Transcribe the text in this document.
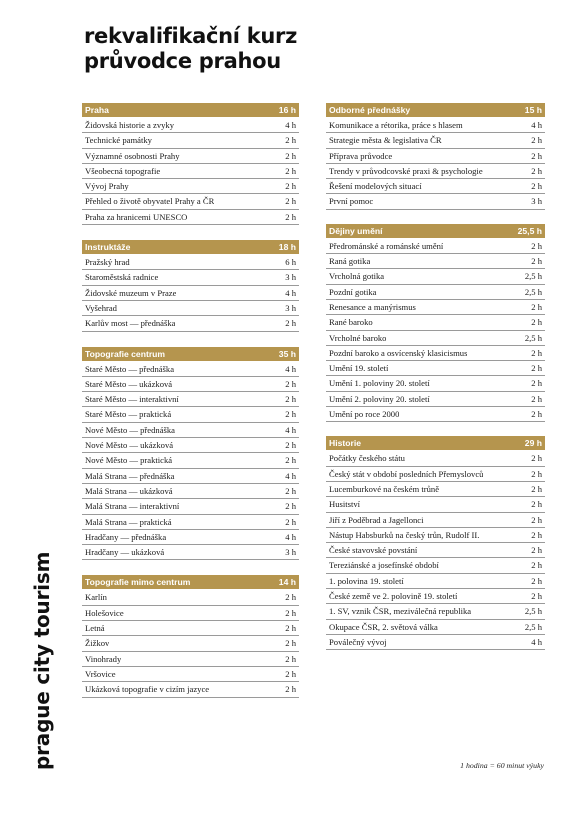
rekvalifikační kurz
průvodce prahou
Praha	16 h
Židovská historie a zvyky	4 h
Technické památky	2 h
Významné osobnosti Prahy	2 h
Všeobecná topografie	2 h
Vývoj Prahy	2 h
Přehled o životě obyvatel Prahy a ČR	2 h
Praha za hranicemi UNESCO	2 h
Instruktáže	18 h
Pražský hrad	6 h
Staroměstská radnice	3 h
Židovské muzeum v Praze	4 h
Vyšehrad	3 h
Karlův most — přednáška	2 h
Topografie centrum	35 h
Staré Město — přednáška	4 h
Staré Město — ukázková	2 h
Staré Město — interaktivní	2 h
Staré Město — praktická	2 h
Nové Město — přednáška	4 h
Nové Město — ukázková	2 h
Nové Město — praktická	2 h
Malá Strana — přednáška	4 h
Malá Strana — ukázková	2 h
Malá Strana — interaktivní	2 h
Malá Strana — praktická	2 h
Hradčany — přednáška	4 h
Hradčany — ukázková	3 h
Topografie mimo centrum	14 h
Karlín	2 h
Holešovice	2 h
Letná	2 h
Žižkov	2 h
Vinohrady	2 h
Vršovice	2 h
Ukázková topografie v cizím jazyce	2 h
Odborné přednášky	15 h
Komunikace a rétorika, práce s hlasem	4 h
Strategie města & legislativa ČR	2 h
Příprava průvodce	2 h
Trendy v průvodcovské praxi & psychologie	2 h
Řešení modelových situací	2 h
První pomoc	3 h
Dějiny umění	25,5 h
Předrománské a románské umění	2 h
Raná gotika	2 h
Vrcholná gotika	2,5 h
Pozdní gotika	2,5 h
Renesance a manýrismus	2 h
Rané baroko	2 h
Vrcholné baroko	2,5 h
Pozdní baroko a osvícenský klasicismus	2 h
Umění 19. století	2 h
Umění 1. poloviny 20. století	2 h
Umění 2. poloviny 20. století	2 h
Umění po roce 2000	2 h
Historie	29 h
Počátky českého státu	2 h
Český stát v období posledních Přemyslovců	2 h
Lucemburkové na českém trůně	2 h
Husitství	2 h
Jiří z Poděbrad a Jagellonci	2 h
Nástup Habsburků na český trůn, Rudolf II.	2 h
České stavovské povstání	2 h
Tereziánské a josefínské období	2 h
1. polovina 19. století	2 h
České země ve 2. polovině 19. století	2 h
1. SV, vznik ČSR, meziválečná republika	2,5 h
Okupace ČSR, 2. světová válka	2,5 h
Poválečný vývoj	4 h
prague city tourism	1 hodina = 60 minut výuky
